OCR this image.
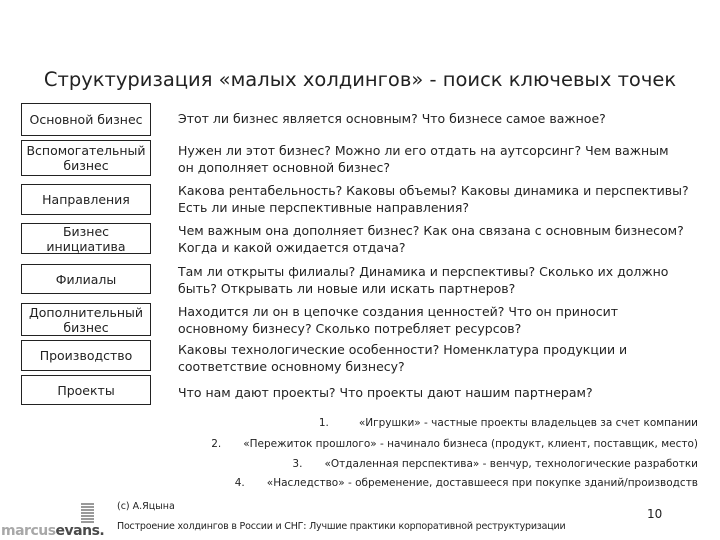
Структуризация «малых холдингов» - поиск ключевых точек
Основной бизнес
Вспомогательный бизнес
Направления
Бизнес инициатива
Филиалы
Дополнительный бизнес
Производство
Проекты
Этот ли бизнес является основным? Что бизнесе самое важное?
Нужен ли этот бизнес? Можно ли его отдать на аутсорсинг? Чем важным он дополняет основной бизнес?
Какова рентабельность? Каковы объемы? Каковы динамика и перспективы? Есть ли иные перспективные направления?
Чем важным она дополняет бизнес? Как она связана с основным бизнесом? Когда и какой ожидается отдача?
Там ли открыты филиалы? Динамика и перспективы? Сколько их должно быть? Открывать ли новые или искать партнеров?
Находится ли он в цепочке создания ценностей? Что он приносит основному бизнесу? Сколько потребляет ресурсов?
Каковы технологические особенности? Номенклатура продукции и соответствие основному бизнесу?
Что нам дают проекты? Что проекты дают нашим партнерам?
1.	«Игрушки» - частные проекты владельцев за счет компании
2. «Пережиток прошлого» - начинало бизнеса (продукт, клиент, поставщик, место)
3. «Отдаленная перспектива» - венчур, технологические разработки
4. «Наследство» - обременение, доставшееся при покупке зданий/производств
marcusevans.
(c) А.Яцына
Построение холдингов в России и СНГ: Лучшие практики корпоративной реструктуризации
10
